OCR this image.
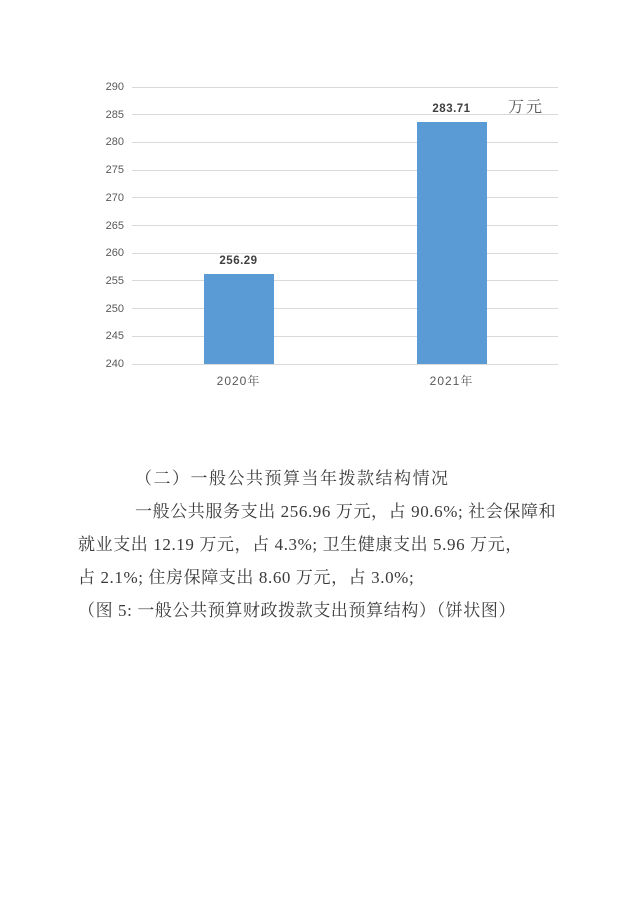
240
245
250
255
260
265
270
275
280
285
290
256.29
2020年
283.71
2021年
万元
（二）一般公共预算当年拨款结构情况
一般公共服务支出 256.96 万元，占 90.6%; 社会保障和
就业支出 12.19 万元，占 4.3%; 卫生健康支出 5.96 万元，
占 2.1%; 住房保障支出 8.60 万元，占 3.0%;
（图 5: 一般公共预算财政拨款支出预算结构）（饼状图）
